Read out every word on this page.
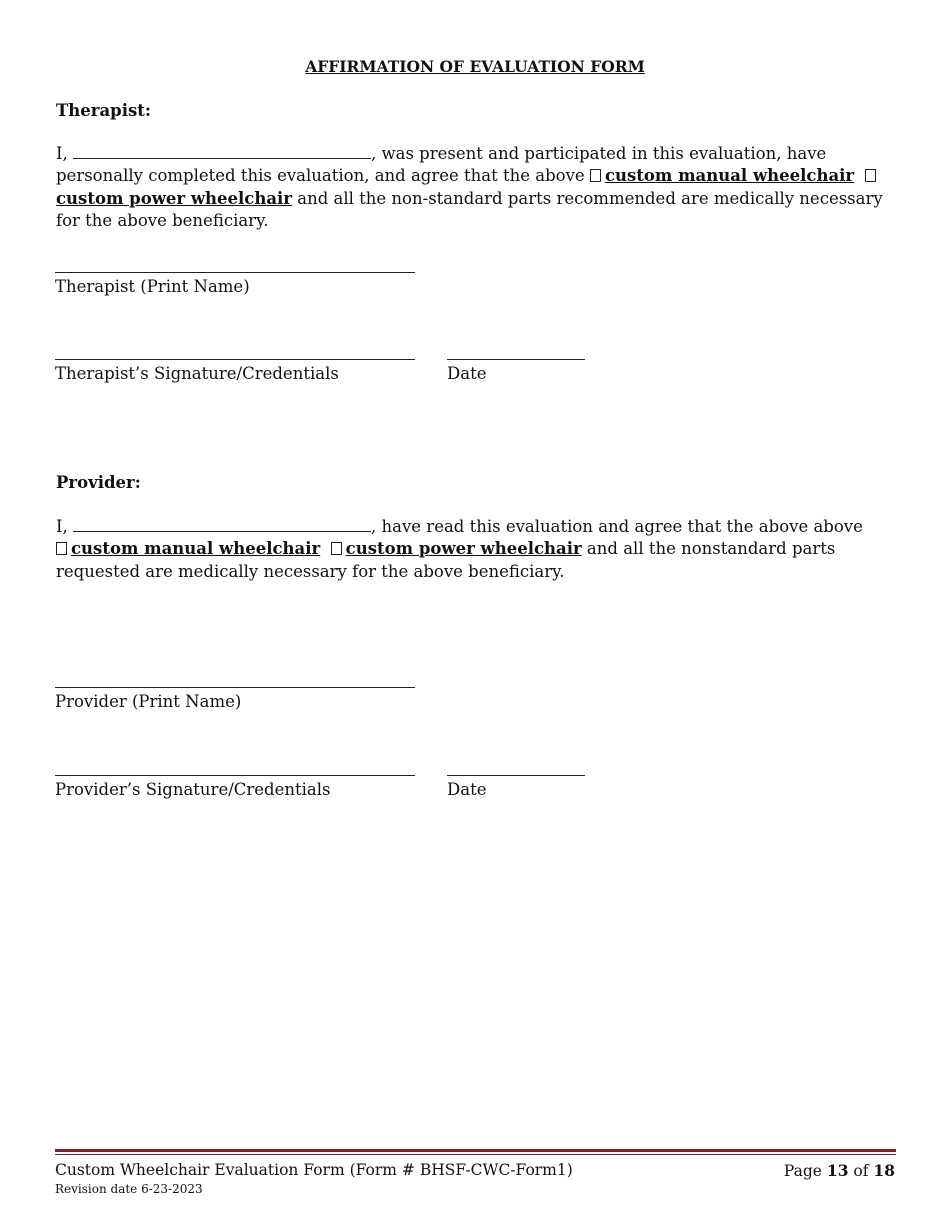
AFFIRMATION OF EVALUATION FORM
Therapist:
I,	, was present and participated in this evaluation, have personally completed this evaluation, and agree that the above custom manual wheelchair  custom power wheelchair and all the non-standard parts recommended are medically necessary for the above beneficiary.
Therapist (Print Name)
Therapist’s Signature/Credentials	Date
Provider:
I,	, have read this evaluation and agree that the above above
custom manual wheelchair custom power wheelchair and all the nonstandard parts requested are medically necessary for the above beneficiary.
Provider (Print Name)
Provider’s Signature/Credentials	Date
Custom Wheelchair Evaluation Form (Form # BHSF-CWC-Form1)
Revision date 6-23-2023
Page 13 of 18
